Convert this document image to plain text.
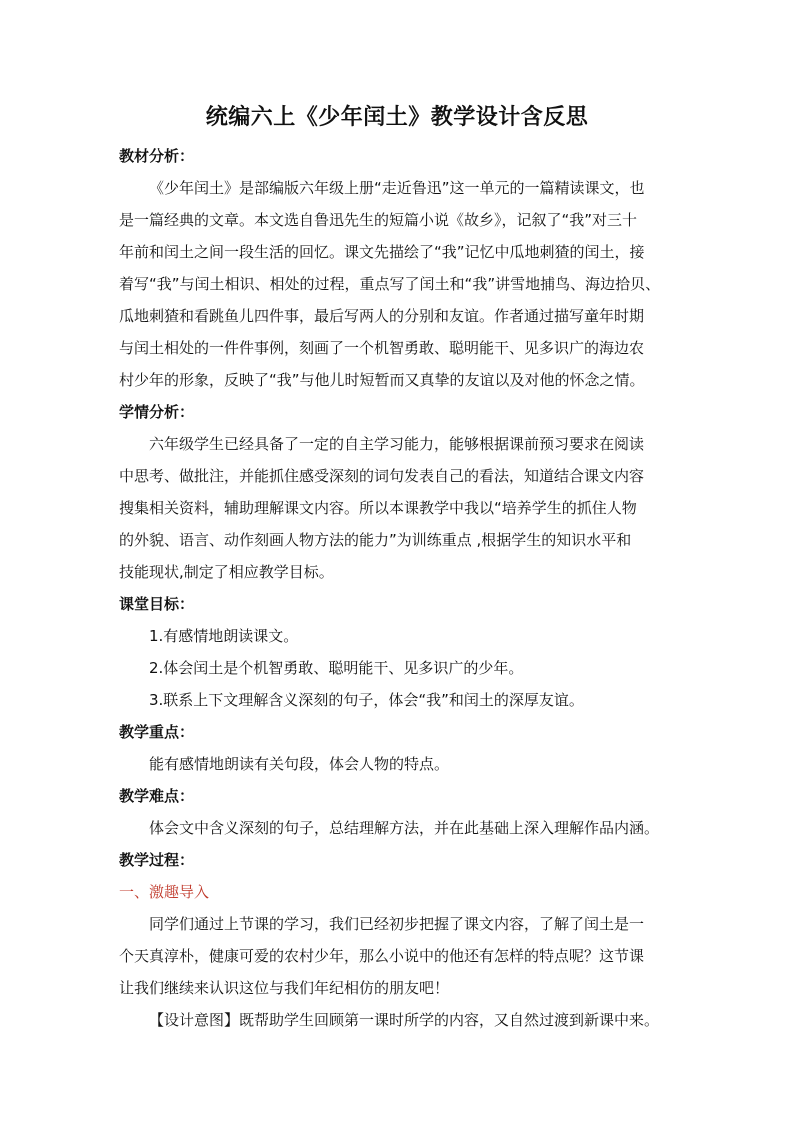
统编六上《少年闰土》教学设计含反思
教材分析：
《少年闰土》是部编版六年级上册“走近鲁迅”这一单元的一篇精读课文，也
是一篇经典的文章。本文选自鲁迅先生的短篇小说《故乡》，记叙了“我”对三十
年前和闰土之间一段生活的回忆。课文先描绘了“我”记忆中瓜地刺猹的闰土，接
着写“我”与闰土相识、相处的过程，重点写了闰土和“我”讲雪地捕鸟、海边拾贝、
瓜地刺猹和看跳鱼儿四件事，最后写两人的分别和友谊。作者通过描写童年时期
与闰土相处的一件件事例，刻画了一个机智勇敢、聪明能干、见多识广的海边农
村少年的形象，反映了“我”与他儿时短暂而又真挚的友谊以及对他的怀念之情。
学情分析：
六年级学生已经具备了一定的自主学习能力，能够根据课前预习要求在阅读
中思考、做批注，并能抓住感受深刻的词句发表自己的看法，知道结合课文内容
搜集相关资料，辅助理解课文内容。所以本课教学中我以“培养学生的抓住人物
的外貌、语言、动作刻画人物方法的能力”为训练重点 ,根据学生的知识水平和
技能现状,制定了相应教学目标。
课堂目标：
1.有感情地朗读课文。
2.体会闰土是个机智勇敢、聪明能干、见多识广的少年。
3.联系上下文理解含义深刻的句子，体会“我”和闰土的深厚友谊。
教学重点：
能有感情地朗读有关句段，体会人物的特点。
教学难点：
体会文中含义深刻的句子，总结理解方法，并在此基础上深入理解作品内涵。
教学过程：
一、激趣导入
同学们通过上节课的学习，我们已经初步把握了课文内容，了解了闰土是一
个天真淳朴，健康可爱的农村少年，那么小说中的他还有怎样的特点呢？这节课
让我们继续来认识这位与我们年纪相仿的朋友吧！
【设计意图】既帮助学生回顾第一课时所学的内容，又自然过渡到新课中来。
